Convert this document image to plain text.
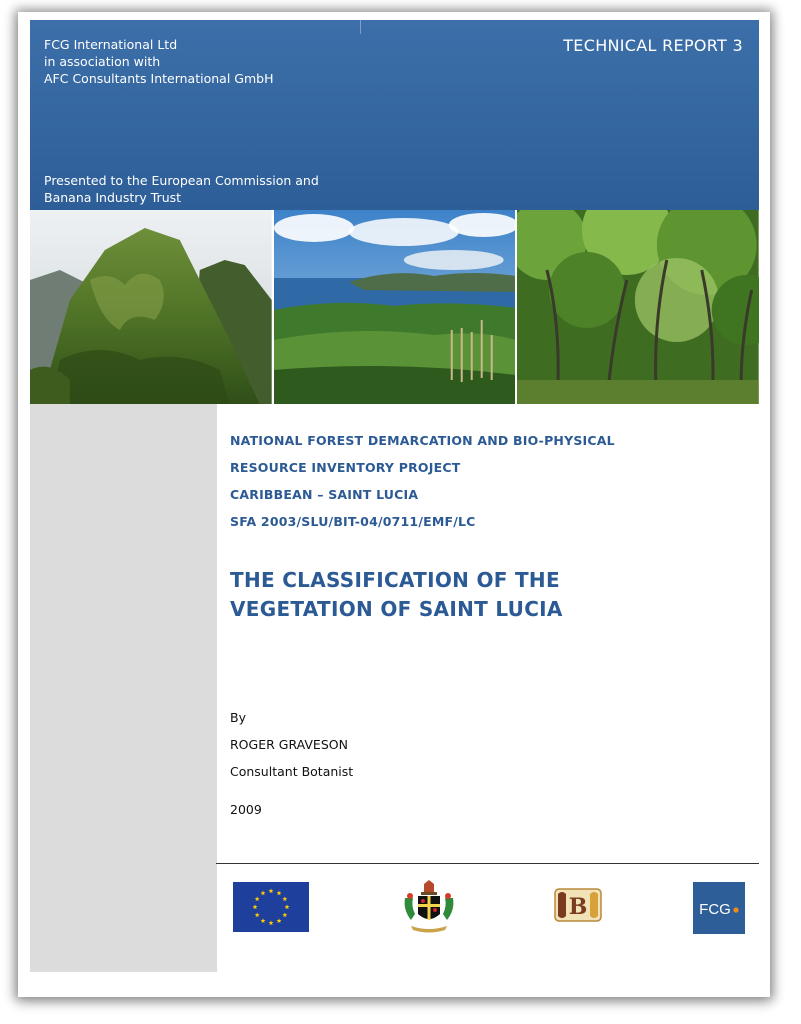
FCG International Ltd
in association with
AFC Consultants International GmbH
TECHNICAL REPORT 3
Presented to the European Commission and
Banana Industry Trust
NATIONAL FOREST DEMARCATION AND BIO-PHYSICAL
RESOURCE INVENTORY PROJECT
CARIBBEAN – SAINT LUCIA
SFA 2003/SLU/BIT-04/0711/EMF/LC
THE CLASSIFICATION OF THE
VEGETATION OF SAINT LUCIA
By
ROGER GRAVESON
Consultant Botanist
2009
B	FCG
